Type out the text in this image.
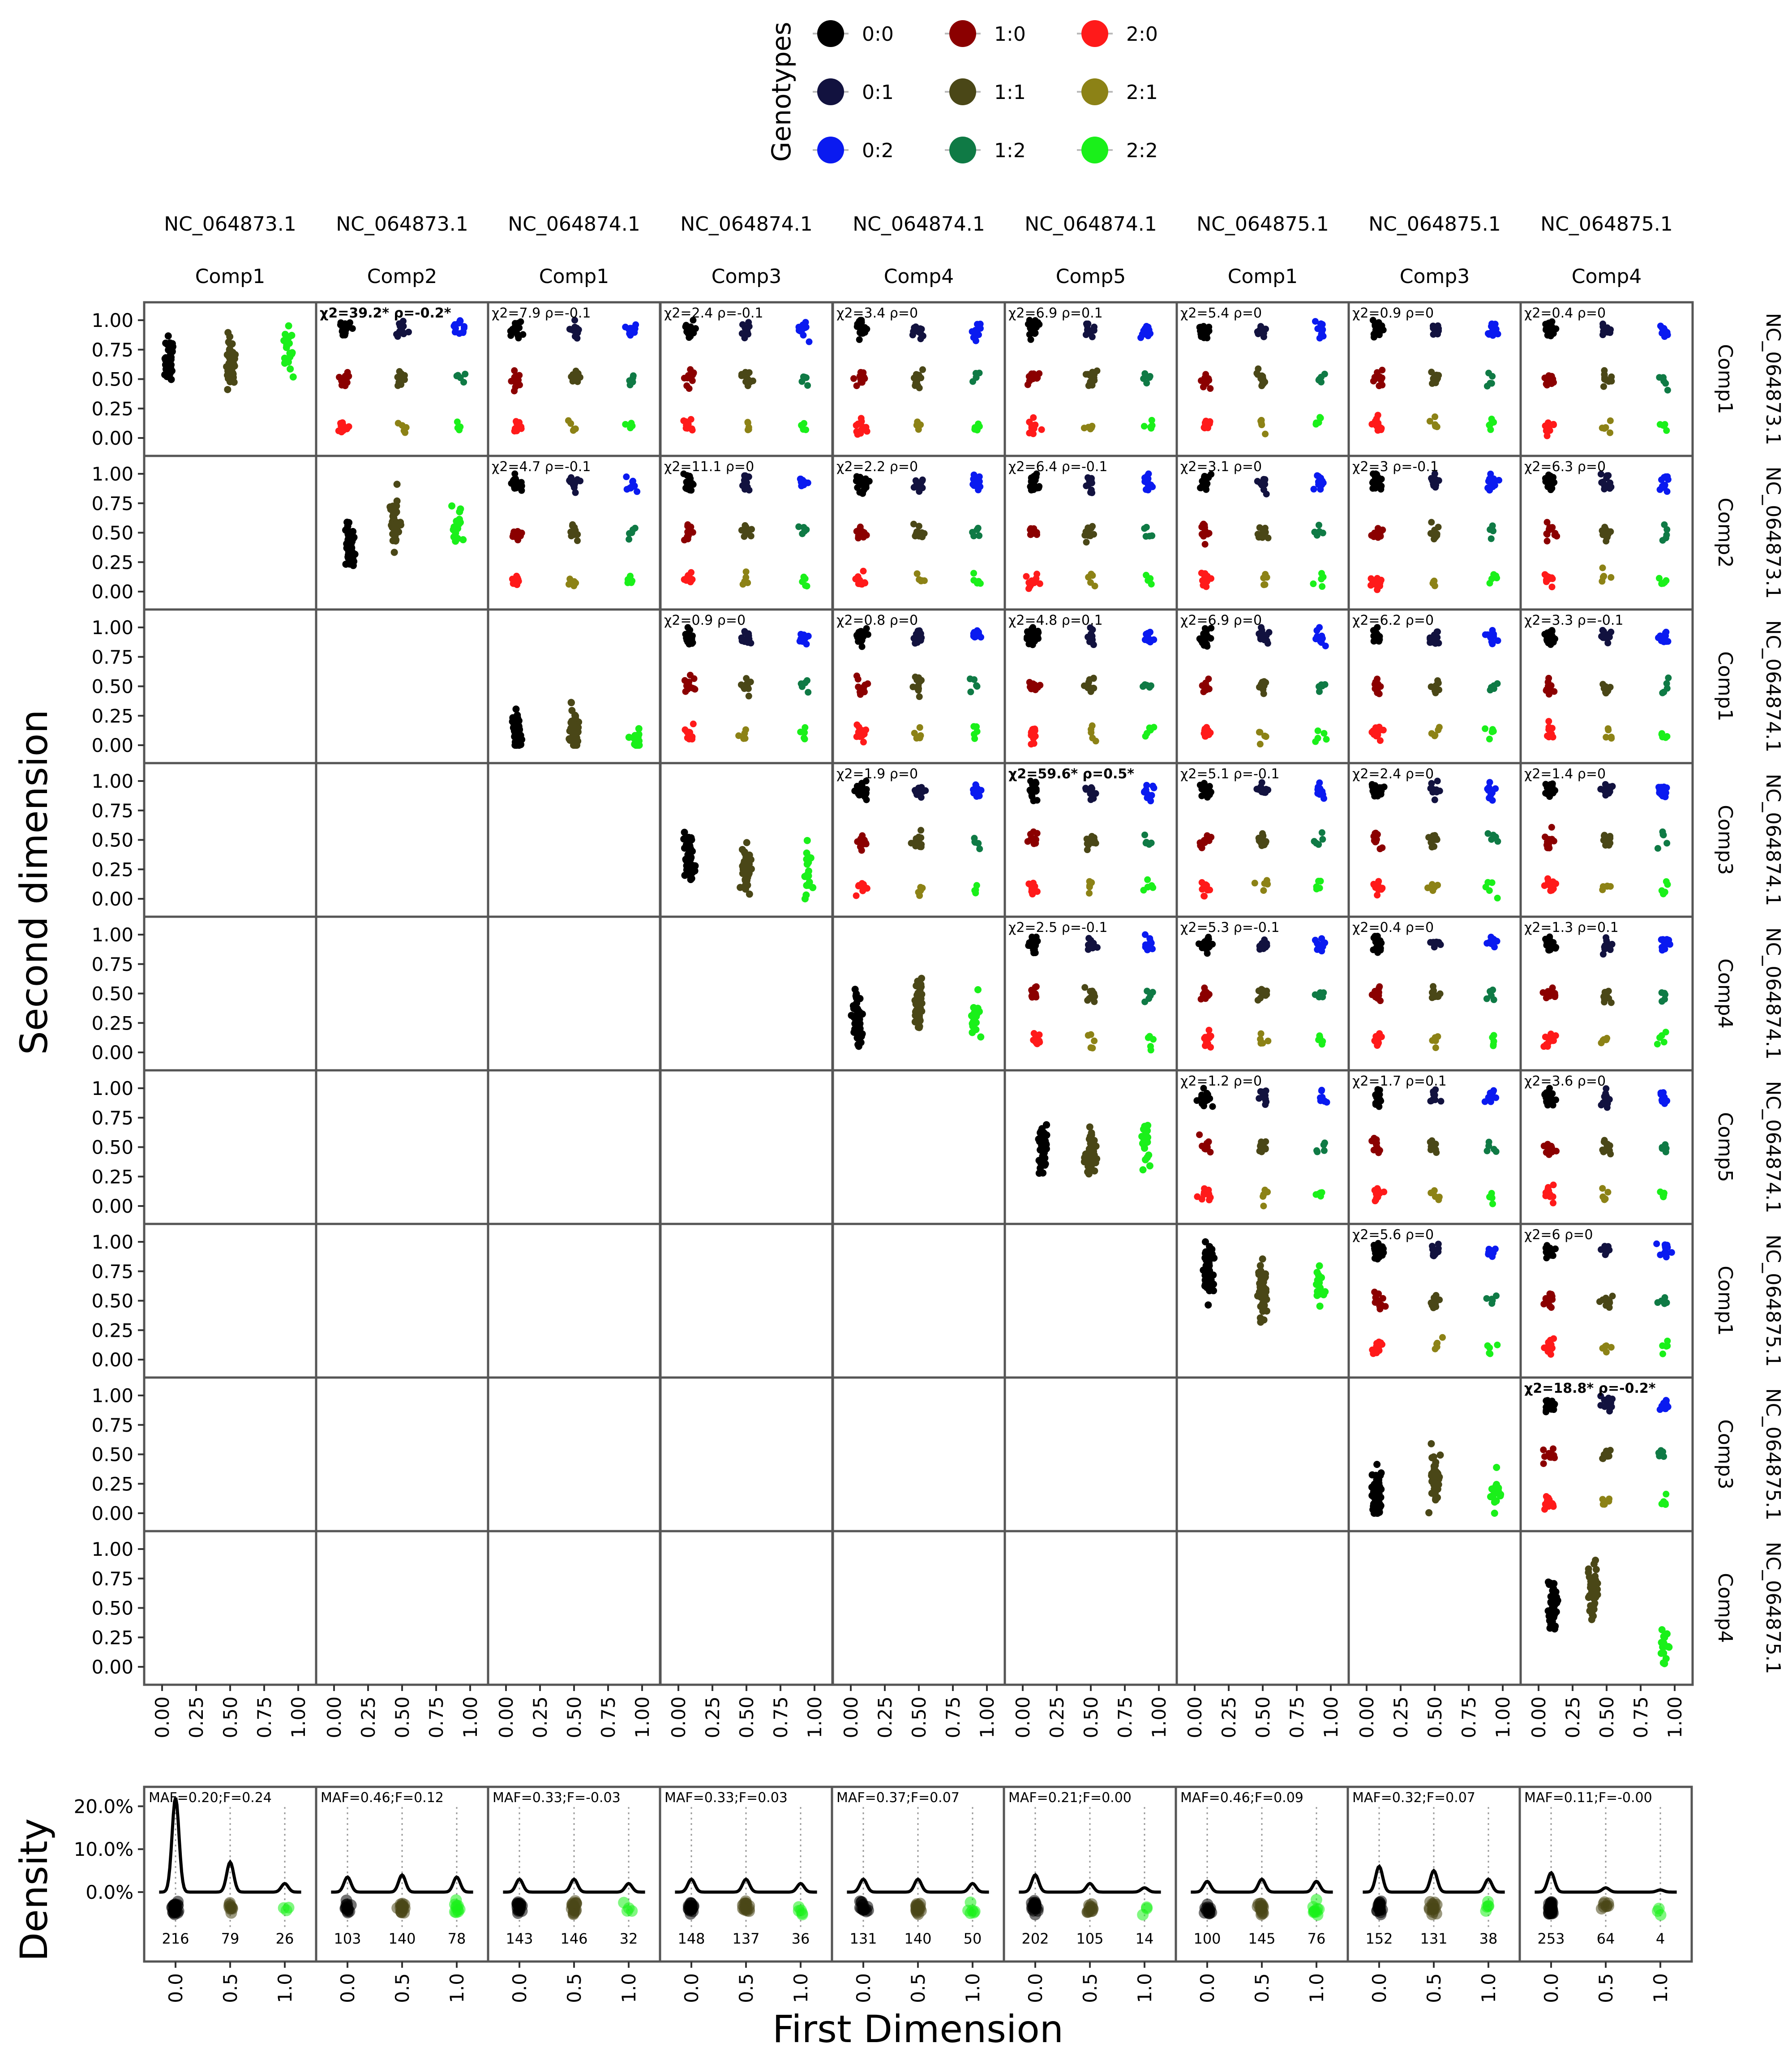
Genotypes	0:0	1:0	2:0
0:1	1:1	2:1
0:2	1:2	2:2
NC_064873.1
Comp1
NC_064873.1
Comp2
NC_064874.1
Comp1
NC_064874.1
Comp3
NC_064874.1
Comp4
NC_064874.1
Comp5
NC_064875.1
Comp1
NC_064875.1
Comp3
NC_064875.1
Comp4
Comp1 NC_064873.1
Comp2 NC_064873.1
Comp1 NC_064874.1
Comp3 NC_064874.1
Comp4 NC_064874.1
Comp5 NC_064874.1
Comp1 NC_064875.1
Comp3 NC_064875.1
Comp4 NC_064875.1
0.00
0.25
0.50
0.75
1.00
0.00
0.25
0.50
0.75
1.00
0.00
0.25
0.50
0.75
1.00
0.00
0.25
0.50
0.75
1.00
0.00
0.25
0.50
0.75
1.00
0.00
0.25
0.50
0.75
1.00
0.00
0.25
0.50
0.75
1.00
0.00
0.25
0.50
0.75
1.00
0.00
0.25
0.50
0.75
1.00
χ2=39.2* ρ=-0.2*	χ2=7.9 ρ=-0.1	χ2=2.4 ρ=-0.1	χ2=3.4 ρ=0	χ2=6.9 ρ=0.1	χ2=5.4 ρ=0	χ2=0.9 ρ=0	χ2=0.4 ρ=0
χ2=4.7 ρ=-0.1	χ2=11.1 ρ=0	χ2=2.2 ρ=0	χ2=6.4 ρ=-0.1	χ2=3.1 ρ=0	χ2=3 ρ=-0.1	χ2=6.3 ρ=0
χ2=0.9 ρ=0	χ2=0.8 ρ=0	χ2=4.8 ρ=0.1	χ2=6.9 ρ=0	χ2=6.2 ρ=0	χ2=3.3 ρ=-0.1
χ2=1.9 ρ=0	χ2=59.6* ρ=0.5*	χ2=5.1 ρ=-0.1	χ2=2.4 ρ=0	χ2=1.4 ρ=0
χ2=2.5 ρ=-0.1	χ2=5.3 ρ=-0.1	χ2=0.4 ρ=0	χ2=1.3 ρ=0.1
χ2=1.2 ρ=0	χ2=1.7 ρ=0.1	χ2=3.6 ρ=0
χ2=5.6 ρ=0	χ2=6 ρ=0
χ2=18.8* ρ=-0.2*
0.00 0.25 0.50 0.75 1.00 0.00 0.25 0.50 0.75 1.00 0.00 0.25 0.50 0.75 1.00 0.00 0.25 0.50 0.75 1.00 0.00 0.25 0.50 0.75 1.00 0.00 0.25 0.50 0.75 1.00 0.00 0.25 0.50 0.75 1.00 0.00 0.25 0.50 0.75 1.00 0.00 0.25 0.50 0.75 1.00
20.0%
10.0%
0.0%
MAF=0.20;F=0.24
216 79	26
0.0 0.5 1.0
MAF=0.46;F=0.12
103 140 78
0.0 0.5 1.0
MAF=0.33;F=-0.03
143 146 32
0.0 0.5 1.0
MAF=0.33;F=0.03
148 137 36
0.0 0.5 1.0
MAF=0.37;F=0.07
131 140 50
0.0 0.5 1.0
MAF=0.21;F=0.00
202 105 14
0.0 0.5 1.0
MAF=0.46;F=0.09
100 145 76
0.0 0.5 1.0
MAF=0.32;F=0.07
152 131 38
0.0 0.5 1.0
MAF=0.11;F=-0.00
253 64	4
0.0 0.5 1.0
Second dimension
Density
First Dimension
